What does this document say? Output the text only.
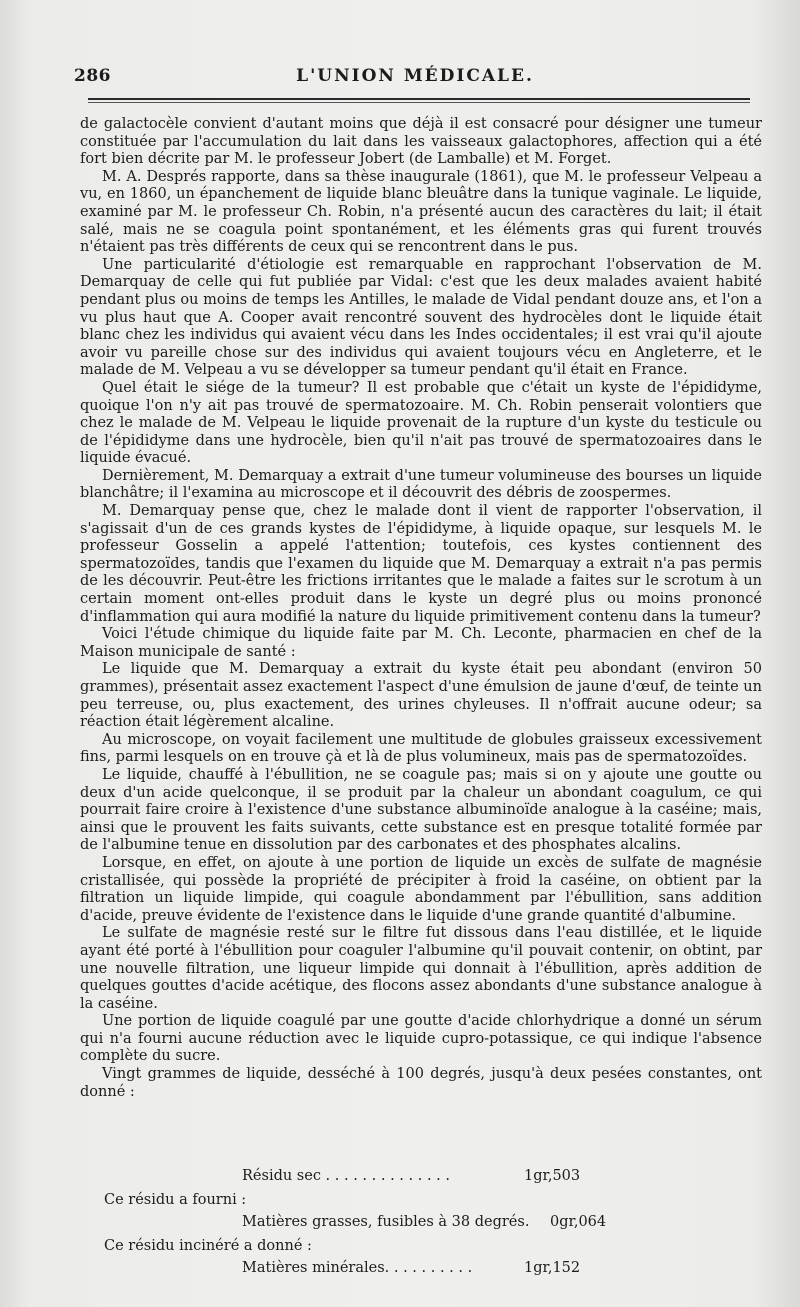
286	L'UNION MÉDICALE.

de galactocèle convient d'autant moins que déjà il est consacré pour désigner une tumeur constituée par l'accumulation du lait dans les vaisseaux galactophores, affection qui a été fort bien décrite par M. le professeur Jobert (de Lamballe) et M. Forget.

M. A. Després rapporte, dans sa thèse inaugurale (1861), que M. le professeur Velpeau a vu, en 1860, un épanchement de liquide blanc bleuâtre dans la tunique vaginale. Le liquide, examiné par M. le professeur Ch. Robin, n'a présenté aucun des caractères du lait; il était salé, mais ne se coagula point spontanément, et les éléments gras qui furent trouvés n'étaient pas très différents de ceux qui se rencontrent dans le pus.

Une particularité d'étiologie est remarquable en rapprochant l'observation de M. Demarquay de celle qui fut publiée par Vidal: c'est que les deux malades avaient habité pendant plus ou moins de temps les Antilles, le malade de Vidal pendant douze ans, et l'on a vu plus haut que A. Cooper avait rencontré souvent des hydrocèles dont le liquide était blanc chez les individus qui avaient vécu dans les Indes occidentales; il est vrai qu'il ajoute avoir vu pareille chose sur des individus qui avaient toujours vécu en Angleterre, et le malade de M. Velpeau a vu se développer sa tumeur pendant qu'il était en France.

Quel était le siége de la tumeur? Il est probable que c'était un kyste de l'épididyme, quoique l'on n'y ait pas trouvé de spermatozoaire. M. Ch. Robin penserait volontiers que chez le malade de M. Velpeau le liquide provenait de la rupture d'un kyste du testicule ou de l'épididyme dans une hydrocèle, bien qu'il n'ait pas trouvé de spermatozoaires dans le liquide évacué.

Dernièrement, M. Demarquay a extrait d'une tumeur volumineuse des bourses un liquide blanchâtre; il l'examina au microscope et il découvrit des débris de zoospermes.

M. Demarquay pense que, chez le malade dont il vient de rapporter l'observation, il s'agissait d'un de ces grands kystes de l'épididyme, à liquide opaque, sur lesquels M. le professeur Gosselin a appelé l'attention; toutefois, ces kystes contiennent des spermatozoïdes, tandis que l'examen du liquide que M. Demarquay a extrait n'a pas permis de les découvrir. Peut-être les frictions irritantes que le malade a faites sur le scrotum à un certain moment ont-elles produit dans le kyste un degré plus ou moins prononcé d'inflammation qui aura modifié la nature du liquide primitivement contenu dans la tumeur?

Voici l'étude chimique du liquide faite par M. Ch. Leconte, pharmacien en chef de la Maison municipale de santé :

Le liquide que M. Demarquay a extrait du kyste était peu abondant (environ 50 grammes), présentait assez exactement l'aspect d'une émulsion de jaune d'œuf, de teinte un peu terreuse, ou, plus exactement, des urines chyleuses. Il n'offrait aucune odeur; sa réaction était légèrement alcaline.

Au microscope, on voyait facilement une multitude de globules graisseux excessivement fins, parmi lesquels on en trouve çà et là de plus volumineux, mais pas de spermatozoïdes.

Le liquide, chauffé à l'ébullition, ne se coagule pas; mais si on y ajoute une goutte ou deux d'un acide quelconque, il se produit par la chaleur un abondant coagulum, ce qui pourrait faire croire à l'existence d'une substance albuminoïde analogue à la caséine; mais, ainsi que le prouvent les faits suivants, cette substance est en presque totalité formée par de l'albumine tenue en dissolution par des carbonates et des phosphates alcalins.

Lorsque, en effet, on ajoute à une portion de liquide un excès de sulfate de magnésie cristallisée, qui possède la propriété de précipiter à froid la caséine, on obtient par la filtration un liquide limpide, qui coagule abondamment par l'ébullition, sans addition d'acide, preuve évidente de l'existence dans le liquide d'une grande quantité d'albumine.

Le sulfate de magnésie resté sur le filtre fut dissous dans l'eau distillée, et le liquide ayant été porté à l'ébullition pour coaguler l'albumine qu'il pouvait contenir, on obtint, par une nouvelle filtration, une liqueur limpide qui donnait à l'ébullition, après addition de quelques gouttes d'acide acétique, des flocons assez abondants d'une substance analogue à la caséine.

Une portion de liquide coagulé par une goutte d'acide chlorhydrique a donné un sérum qui n'a fourni aucune réduction avec le liquide cupro-potassique, ce qui indique l'absence complète du sucre.

Vingt grammes de liquide, desséché à 100 degrés, jusqu'à deux pesées constantes, ont donné :

Résidu sec . . . . . . . . . . . . . .	1gr,503
Ce résidu a fourni :
Matières grasses, fusibles à 38 degrés. 0gr,064
Ce résidu incinéré a donné :
Matières minérales. . . . . . . . . .	1gr,152
